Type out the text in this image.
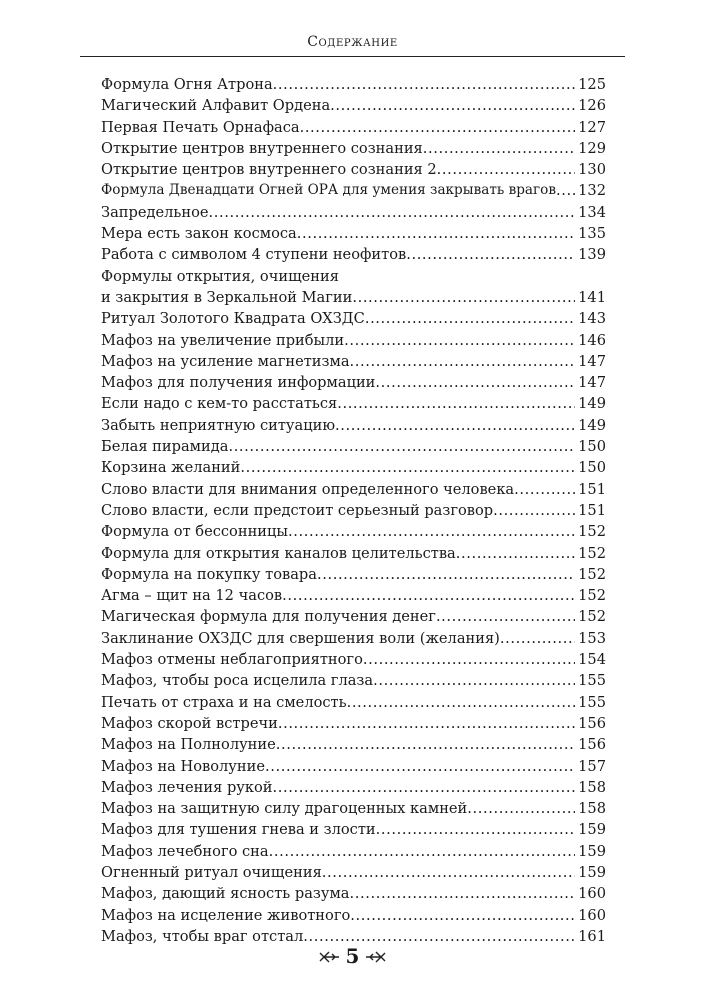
Содержание
Формула Огня Атрона .....	125
Магический Алфавит Ордена .....	126
Первая Печать Орнафаса .....	127
Открытие центров внутреннего сознания .....	129
Открытие центров внутреннего сознания 2 .....	130
Формула Двенадцати Огней ОРА для умения закрывать врагов ..... 132
Запредельное .....	134
Мера есть закон космоса .....	135
Работа с символом 4 ступени неофитов .....	139
Формулы открытия, очищения
и закрытия в Зеркальной Магии .....	141
Ритуал Золотого Квадрата ОХЗДС .....	143
Мафоз на увеличение прибыли .....	146
Мафоз на усиление магнетизма .....	147
Мафоз для получения информации .....	147
Если надо с кем-то расстаться .....	149
Забыть неприятную ситуацию .....	149
Белая пирамида .....	150
Корзина желаний .....	150
Слово власти для внимания определенного человека .....	151
Слово власти, если предстоит серьезный разговор .....	151
Формула от бессонницы .....	152
Формула для открытия каналов целительства .....	152
Формула на покупку товара .....	152
Агма – щит на 12 часов .....	152
Магическая формула для получения денег .....	152
Заклинание ОХЗДС для свершения воли (желания) .....	153
Мафоз отмены неблагоприятного .....	154
Мафоз, чтобы роса исцелила глаза .....	155
Печать от страха и на смелость .....	155
Мафоз скорой встречи .....	156
Мафоз на Полнолуние .....	156
Мафоз на Новолуние .....	157
Мафоз лечения рукой .....	158
Мафоз на защитную силу драгоценных камней .....	158
Мафоз для тушения гнева и злости .....	159
Мафоз лечебного сна .....	159
Огненный ритуал очищения .....	159
Мафоз, дающий ясность разума .....	160
Мафоз на исцеление животного .....	160
Мафоз, чтобы враг отстал .....	161
5
